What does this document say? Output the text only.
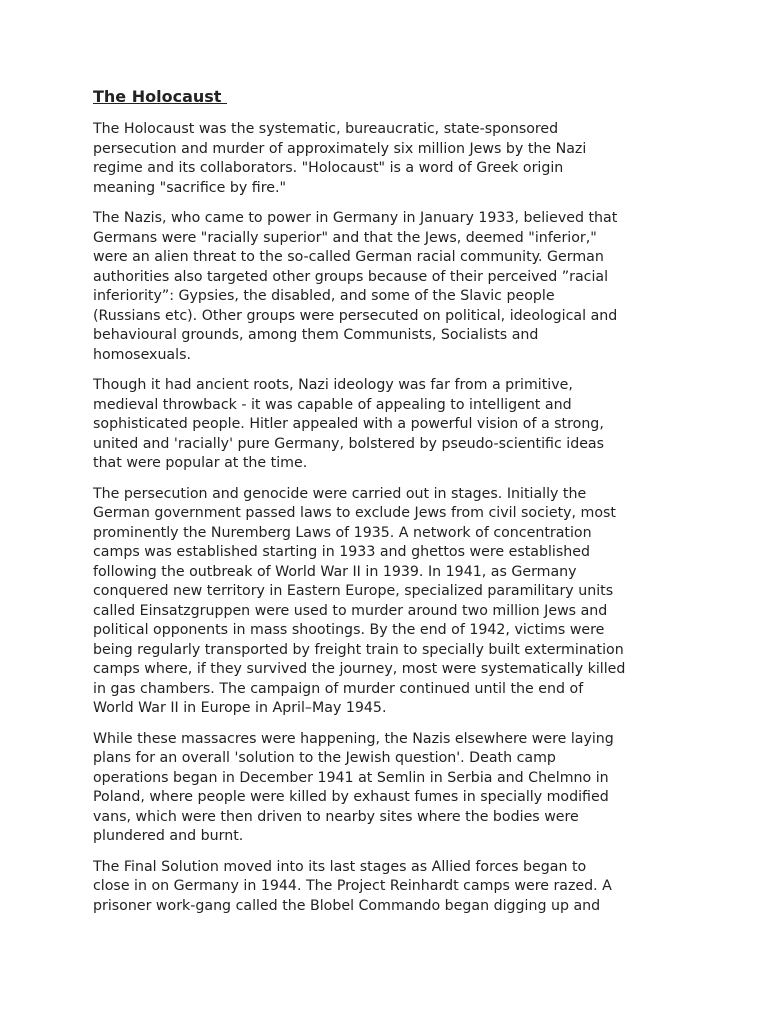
The Holocaust

The Holocaust was the systematic, bureaucratic, state-sponsored
persecution and murder of approximately six million Jews by the Nazi
regime and its collaborators. "Holocaust" is a word of Greek origin
meaning "sacrifice by fire."

The Nazis, who came to power in Germany in January 1933, believed that
Germans were "racially superior" and that the Jews, deemed "inferior,"
were an alien threat to the so-called German racial community. German
authorities also targeted other groups because of their perceived ”racial
inferiority”: Gypsies, the disabled, and some of the Slavic people
(Russians etc). Other groups were persecuted on political, ideological and
behavioural grounds, among them Communists, Socialists and
homosexuals.

Though it had ancient roots, Nazi ideology was far from a primitive,
medieval throwback - it was capable of appealing to intelligent and
sophisticated people. Hitler appealed with a powerful vision of a strong,
united and 'racially' pure Germany, bolstered by pseudo-scientific ideas
that were popular at the time.

The persecution and genocide were carried out in stages. Initially the
German government passed laws to exclude Jews from civil society, most
prominently the Nuremberg Laws of 1935. A network of concentration
camps was established starting in 1933 and ghettos were established
following the outbreak of World War II in 1939. In 1941, as Germany
conquered new territory in Eastern Europe, specialized paramilitary units
called Einsatzgruppen were used to murder around two million Jews and
political opponents in mass shootings. By the end of 1942, victims were
being regularly transported by freight train to specially built extermination
camps where, if they survived the journey, most were systematically killed
in gas chambers. The campaign of murder continued until the end of
World War II in Europe in April–May 1945.

While these massacres were happening, the Nazis elsewhere were laying
plans for an overall 'solution to the Jewish question'. Death camp
operations began in December 1941 at Semlin in Serbia and Chelmno in
Poland, where people were killed by exhaust fumes in specially modified
vans, which were then driven to nearby sites where the bodies were
plundered and burnt.

The Final Solution moved into its last stages as Allied forces began to
close in on Germany in 1944. The Project Reinhardt camps were razed. A
prisoner work-gang called the Blobel Commando began digging up and
